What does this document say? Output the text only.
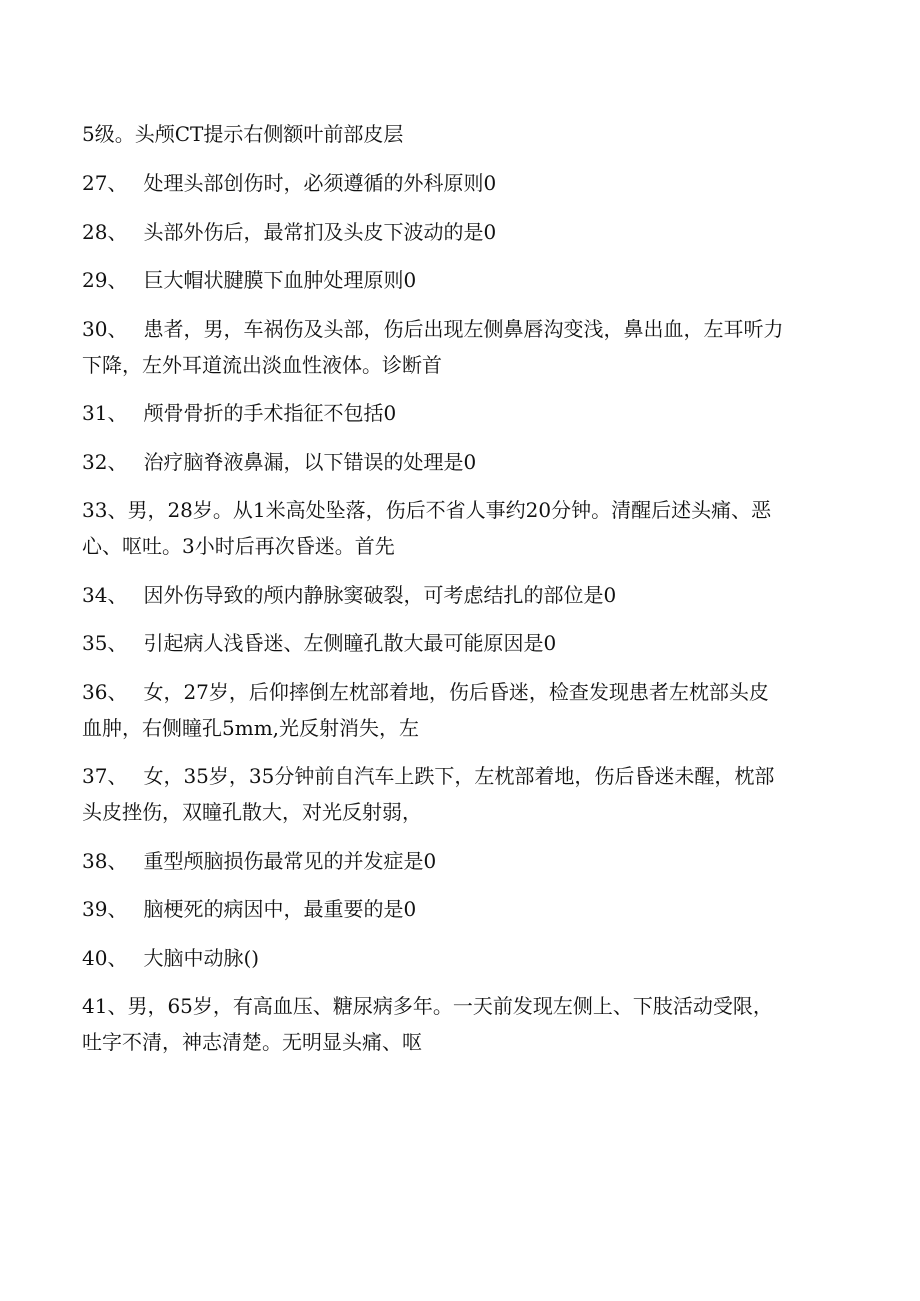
5级。头颅CT提示右侧额叶前部皮层
27、 处理头部创伤时，必须遵循的外科原则0
28、 头部外伤后，最常扪及头皮下波动的是0
29、 巨大帽状腱膜下血肿处理原则0
30、 患者，男，车祸伤及头部，伤后出现左侧鼻唇沟变浅，鼻出血，左耳听力
下降，左外耳道流出淡血性液体。诊断首
31、 颅骨骨折的手术指征不包括0
32、 治疗脑脊液鼻漏，以下错误的处理是0
33、男，28岁。从1米高处坠落，伤后不省人事约20分钟。清醒后述头痛、恶
心、呕吐。3小时后再次昏迷。首先
34、 因外伤导致的颅内静脉窦破裂，可考虑结扎的部位是0
35、 引起病人浅昏迷、左侧瞳孔散大最可能原因是0
36、 女，27岁，后仰摔倒左枕部着地，伤后昏迷，检查发现患者左枕部头皮
血肿，右侧瞳孔5mm,光反射消失，左
37、 女，35岁，35分钟前自汽车上跌下，左枕部着地，伤后昏迷未醒，枕部
头皮挫伤，双瞳孔散大，对光反射弱，
38、 重型颅脑损伤最常见的并发症是0
39、 脑梗死的病因中，最重要的是0
40、 大脑中动脉()
41、男，65岁，有高血压、糖尿病多年。一天前发现左侧上、下肢活动受限，
吐字不清，神志清楚。无明显头痛、呕
